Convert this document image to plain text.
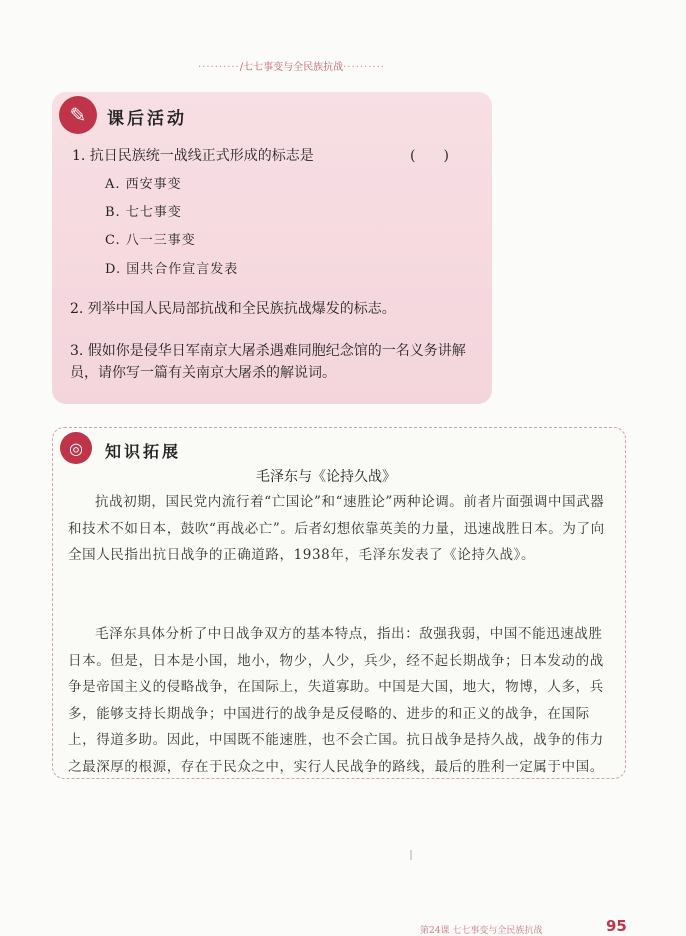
··········/七七事变与全民族抗战··········
✎	课后活动
1. 抗日民族统一战线正式形成的标志是	(　　)
A. 西安事变
B. 七七事变
C. 八一三事变
D. 国共合作宣言发表
2. 列举中国人民局部抗战和全民族抗战爆发的标志。
3. 假如你是侵华日军南京大屠杀遇难同胞纪念馆的一名义务讲解员，请你写一篇有关南京大屠杀的解说词。
◎	知识拓展
毛泽东与《论持久战》
抗战初期，国民党内流行着“亡国论”和“速胜论”两种论调。前者片面强调中国武器和技术不如日本，鼓吹“再战必亡”。后者幻想依靠英美的力量，迅速战胜日本。为了向全国人民指出抗日战争的正确道路，1938年，毛泽东发表了《论持久战》。
毛泽东具体分析了中日战争双方的基本特点，指出：敌强我弱，中国不能迅速战胜日本。但是，日本是小国，地小，物少，人少，兵少，经不起长期战争；日本发动的战争是帝国主义的侵略战争，在国际上，失道寡助。中国是大国，地大，物博，人多，兵多，能够支持长期战争；中国进行的战争是反侵略的、进步的和正义的战争，在国际上，得道多助。因此，中国既不能速胜，也不会亡国。抗日战争是持久战，战争的伟力之最深厚的根源，存在于民众之中，实行人民战争的路线，最后的胜利一定属于中国。
第24课 七七事变与全民族抗战	95
